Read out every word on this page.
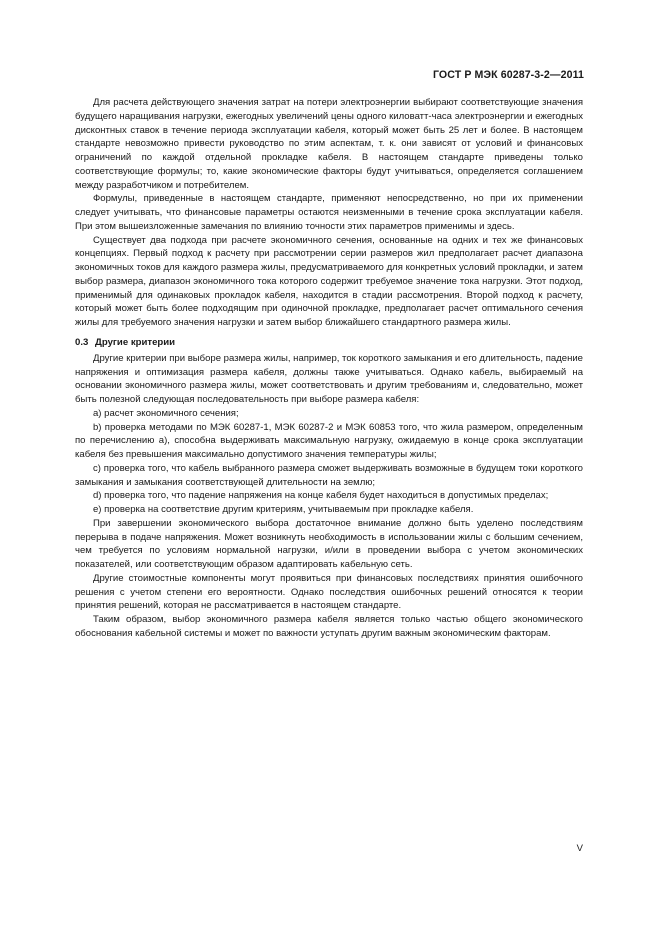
ГОСТ Р МЭК 60287-3-2—2011

Для расчета действующего значения затрат на потери электроэнергии выбирают соответствующие значения будущего наращивания нагрузки, ежегодных увеличений цены одного киловатт-часа электроэнергии и ежегодных дисконтных ставок в течение периода эксплуатации кабеля, который может быть 25 лет и более. В настоящем стандарте невозможно привести руководство по этим аспектам, т. к. они зависят от условий и финансовых ограничений по каждой отдельной прокладке кабеля. В настоящем стандарте приведены только соответствующие формулы; то, какие экономические факторы будут учитываться, определяется соглашением между разработчиком и потребителем.

Формулы, приведенные в настоящем стандарте, применяют непосредственно, но при их применении следует учитывать, что финансовые параметры остаются неизменными в течение срока эксплуатации кабеля. При этом вышеизложенные замечания по влиянию точности этих параметров применимы и здесь.

Существует два подхода при расчете экономичного сечения, основанные на одних и тех же финансовых концепциях. Первый подход к расчету при рассмотрении серии размеров жил предполагает расчет диапазона экономичных токов для каждого размера жилы, предусматриваемого для конкретных условий прокладки, и затем выбор размера, диапазон экономичного тока которого содержит требуемое значение тока нагрузки. Этот подход, применимый для одинаковых прокладок кабеля, находится в стадии рассмотрения. Второй подход к расчету, который может быть более подходящим при одиночной прокладке, предполагает расчет оптимального сечения жилы для требуемого значения нагрузки и затем выбор ближайшего стандартного размера жилы.

0.3 Другие критерии

Другие критерии при выборе размера жилы, например, ток короткого замыкания и его длительность, падение напряжения и оптимизация размера кабеля, должны также учитываться. Однако кабель, выбираемый на основании экономичного размера жилы, может соответствовать и другим требованиям и, следовательно, может быть полезной следующая последовательность при выборе размера кабеля:

a) расчет экономичного сечения;

b) проверка методами по МЭК 60287-1, МЭК 60287-2 и МЭК 60853 того, что жила размером, определенным по перечислению a), способна выдерживать максимальную нагрузку, ожидаемую в конце срока эксплуатации кабеля без превышения максимально допустимого значения температуры жилы;

c) проверка того, что кабель выбранного размера сможет выдерживать возможные в будущем токи короткого замыкания и замыкания соответствующей длительности на землю;

d) проверка того, что падение напряжения на конце кабеля будет находиться в допустимых пределах;

e) проверка на соответствие другим критериям, учитываемым при прокладке кабеля.

При завершении экономического выбора достаточное внимание должно быть уделено последствиям перерыва в подаче напряжения. Может возникнуть необходимость в использовании жилы с большим сечением, чем требуется по условиям нормальной нагрузки, и/или в проведении выбора с учетом экономических показателей, или соответствующим образом адаптировать кабельную сеть.

Другие стоимостные компоненты могут проявиться при финансовых последствиях принятия ошибочного решения с учетом степени его вероятности. Однако последствия ошибочных решений относятся к теории принятия решений, которая не рассматривается в настоящем стандарте.

Таким образом, выбор экономичного размера кабеля является только частью общего экономического обоснования кабельной системы и может по важности уступать другим важным экономическим факторам.

V
